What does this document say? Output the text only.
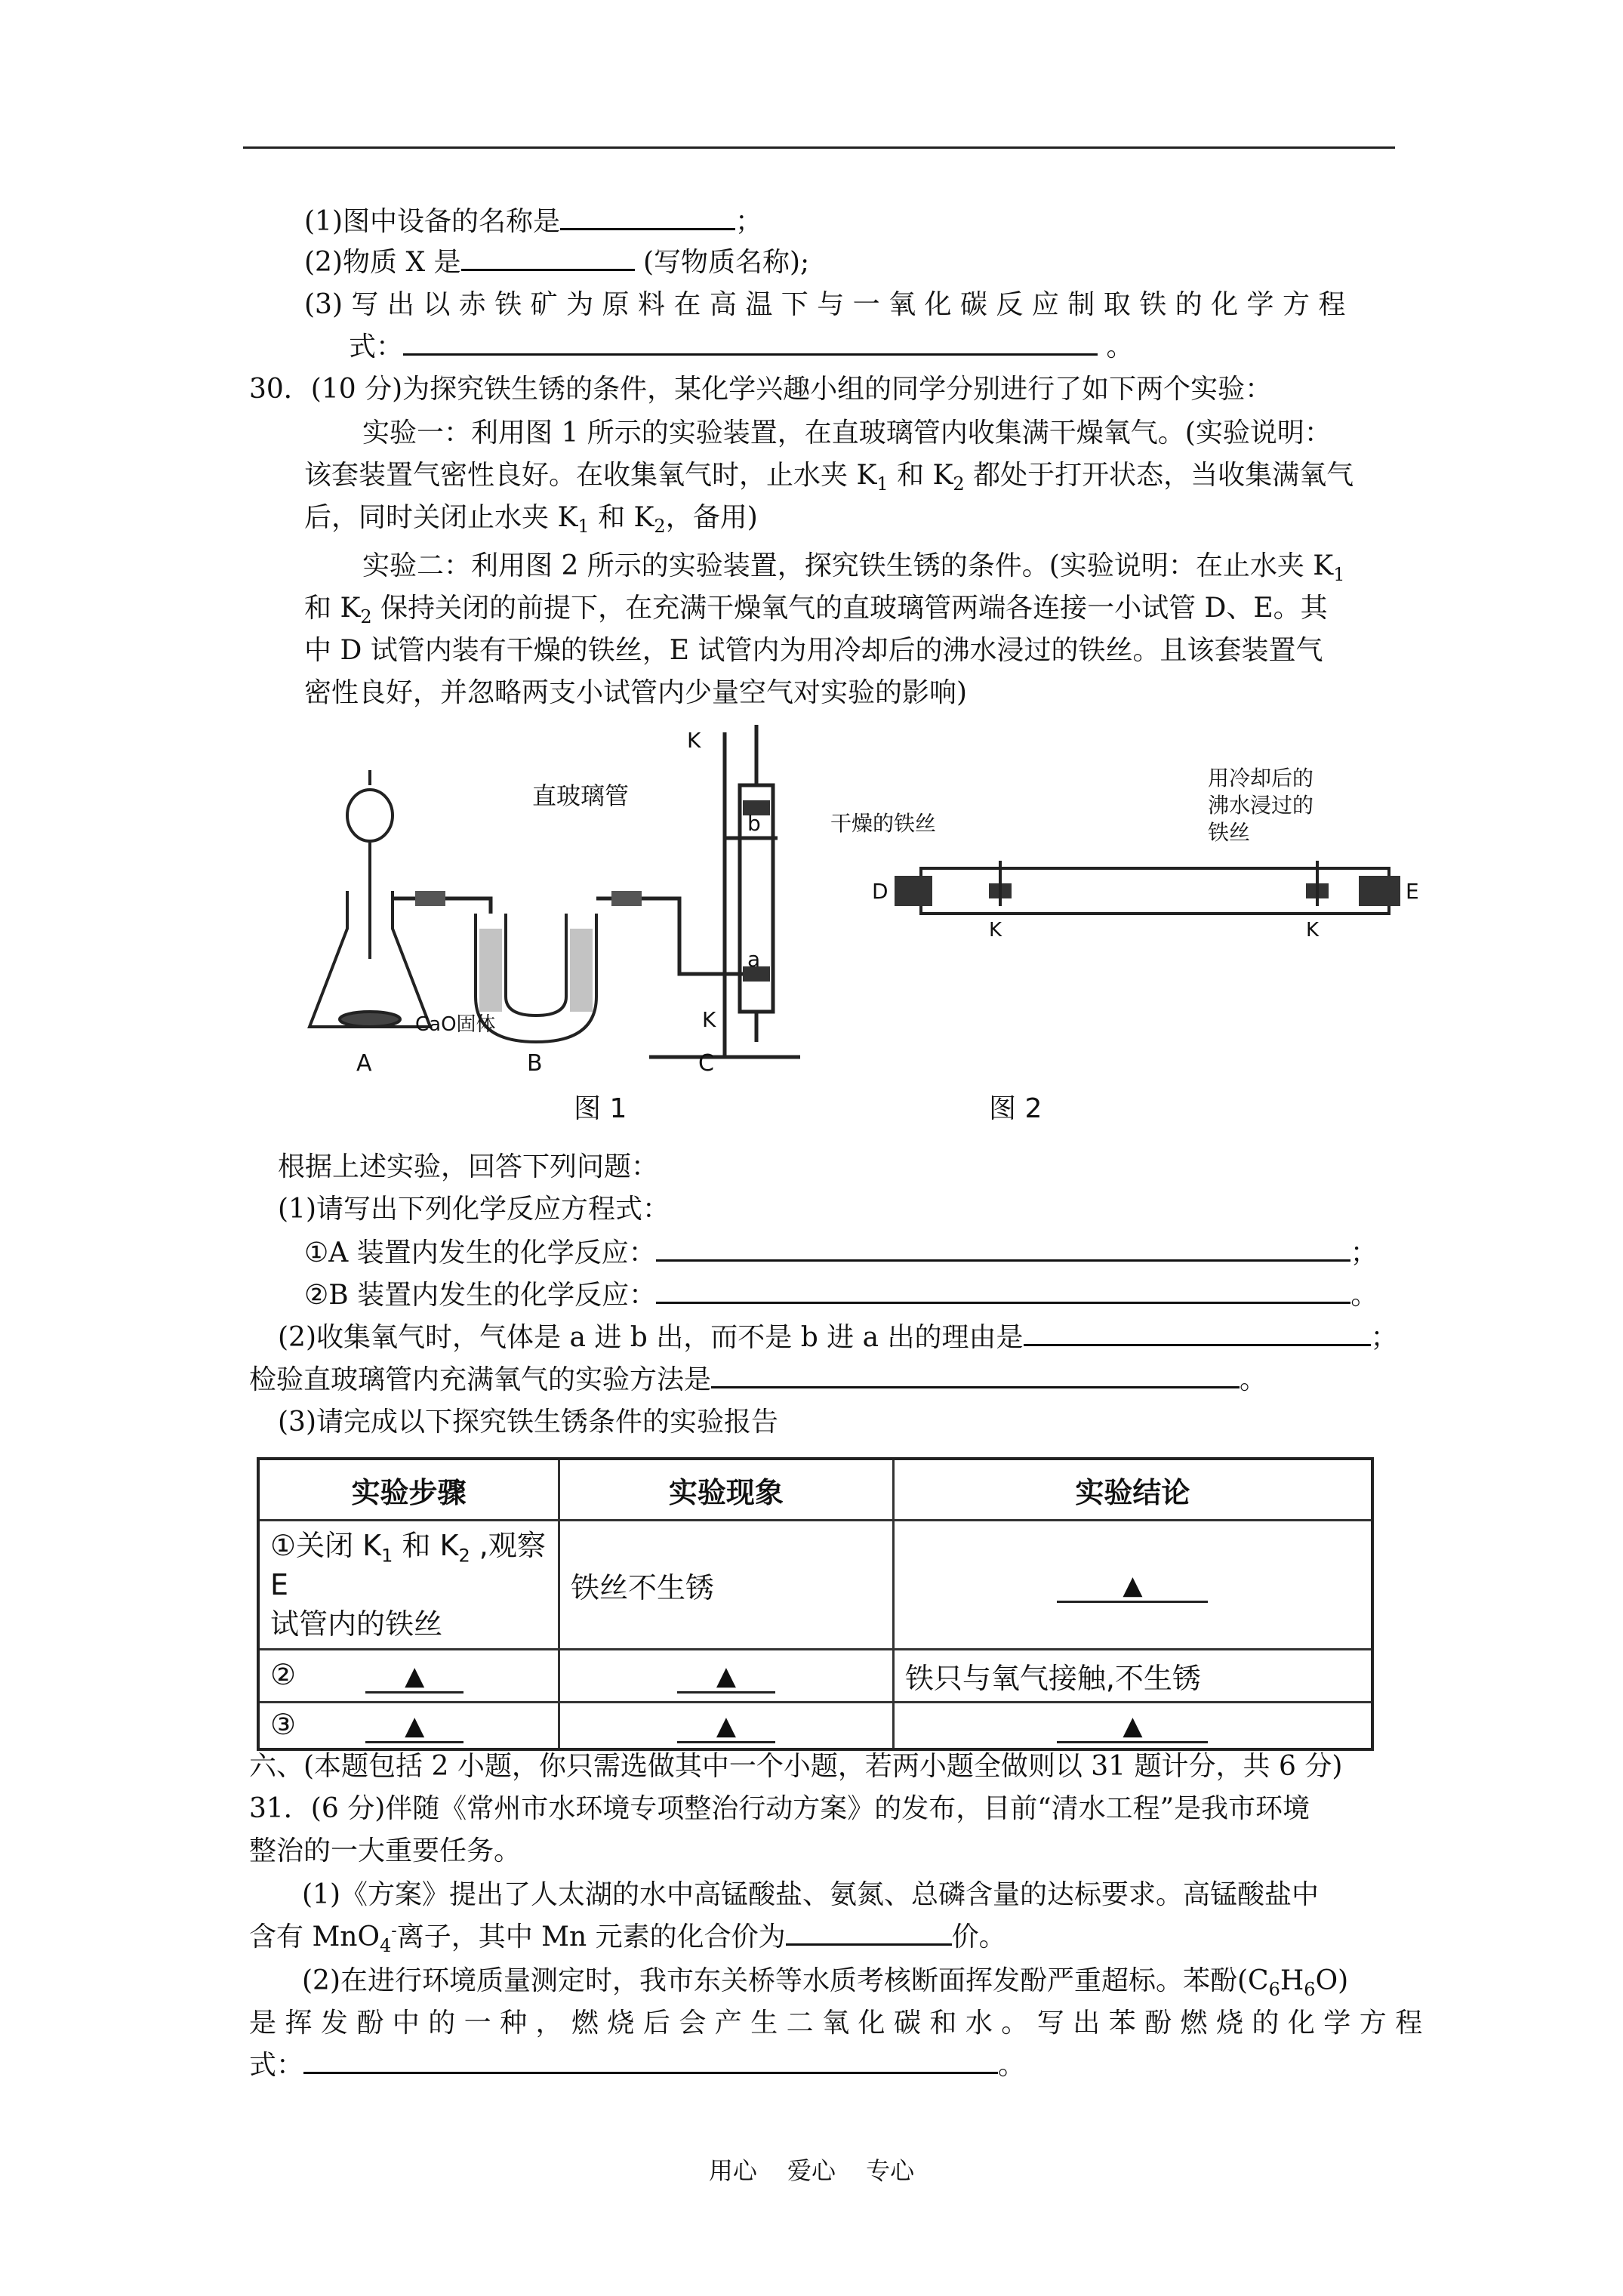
(1)图中设备的名称是	；
(2)物质 X 是	(写物质名称);
(3) 写 出 以 赤 铁 矿 为 原 料 在 高 温 下 与 一 氧 化 碳 反 应 制 取 铁 的 化 学 方 程
式：	。
30．(10 分)为探究铁生锈的条件，某化学兴趣小组的同学分别进行了如下两个实验：
实验一：利用图 1 所示的实验装置，在直玻璃管内收集满干燥氧气。(实验说明：
该套装置气密性良好。在收集氧气时，止水夹 $K_1$ 和 $K_2$ 都处于打开状态，当收集满氧气
后，同时关闭止水夹 $K_1$ 和 $K_2$，备用)
实验二：利用图 2 所示的实验装置，探究铁生锈的条件。(实验说明：在止水夹 $K_1$
和 $K_2$ 保持关闭的前提下，在充满干燥氧气的直玻璃管两端各连接一小试管 D、E。其
中 D 试管内装有干燥的铁丝，E 试管内为用冷却后的沸水浸过的铁丝。且该套装置气
密性良好，并忽略两支小试管内少量空气对实验的影响)
直玻璃管
A	B	C
CaO固体
a
b
K
K
干燥的铁丝
用冷却后的
沸水浸过的
铁丝
D	E
K	K
图 1	图 2
根据上述实验，回答下列问题：
(1)请写出下列化学反应方程式：
①A 装置内发生的化学反应：	；
②B 装置内发生的化学反应：	。
(2)收集氧气时，气体是 a 进 b 出，而不是 b 进 a 出的理由是	；
检验直玻璃管内充满氧气的实验方法是	。
(3)请完成以下探究铁生锈条件的实验报告
实验步骤	实验现象	实验结论
①关闭 $K_1$ 和 $K_2$ ,观察 E
试管内的铁丝	铁丝不生锈	▲
② ▲	▲	铁只与氧气接触,不生锈
③ ▲	▲	▲
六、(本题包括 2 小题，你只需选做其中一个小题，若两小题全做则以 31 题计分，共 6 分)
31．(6 分)伴随《常州市水环境专项整治行动方案》的发布，目前“清水工程”是我市环境
整治的一大重要任务。
(1)《方案》提出了人太湖的水中高锰酸盐、氨氮、总磷含量的达标要求。高锰酸盐中
含有 MnO$_4$-离子，其中 Mn 元素的化合价为	价。
(2)在进行环境质量测定时，我市东关桥等水质考核断面挥发酚严重超标。苯酚$(C_6H_6O)$
是 挥 发 酚 中 的 一 种 ， 燃 烧 后 会 产 生 二 氧 化 碳 和 水 。 写 出 苯 酚 燃 烧 的 化 学 方 程
式：	。
用心 爱心 专心
